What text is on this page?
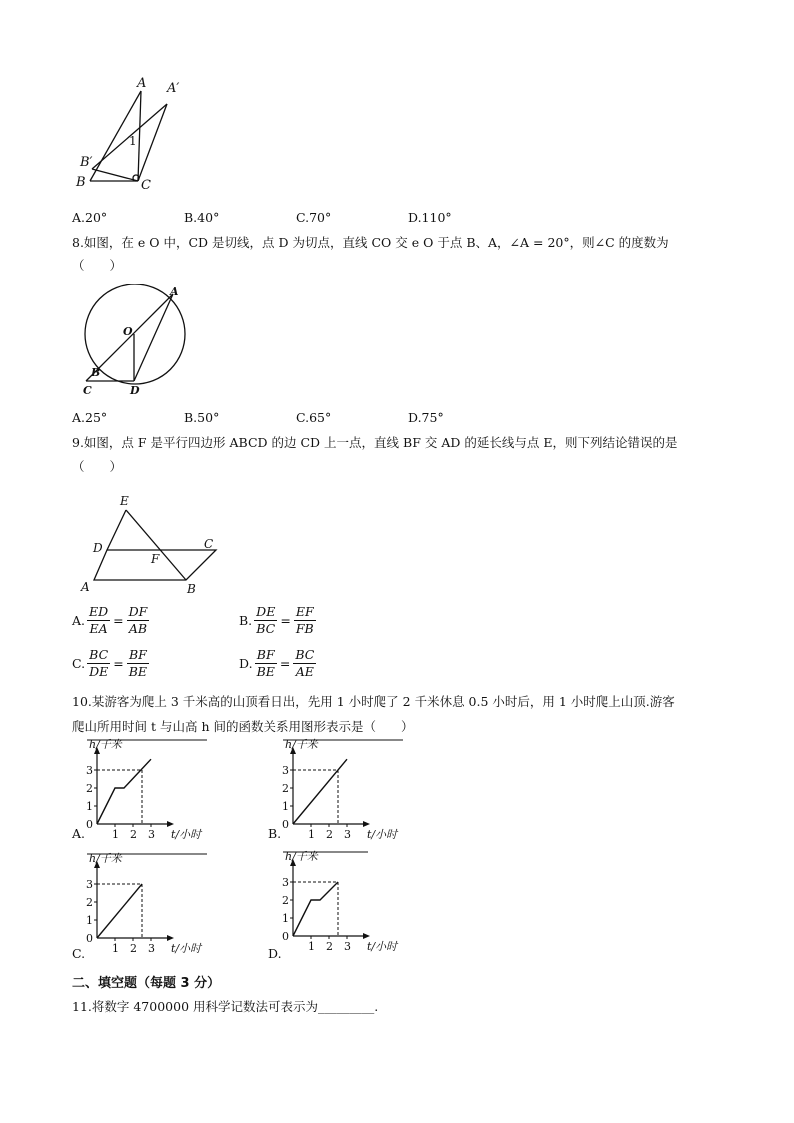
A A′
B′
B	C
1
A.20°	B.40°	C.70°	D.110°
8.如图，在 e O 中，CD 是切线，点 D 为切点，直线 CO 交 e O 于点 B、A，∠A = 20°，则∠C 的度数为
（　　）
A
O
B
C	D
A.25°	B.50°	C.65°	D.75°
9.如图，点 F 是平行四边形 ABCD 的边 CD 上一点，直线 BF 交 AD 的延长线与点 E，则下列结论错误的是
（　　）
E
D	C
F
A	B
A. $\frac{ED}{EA} = \frac{DF}{AB}$	B. $\frac{DE}{BC} = \frac{EF}{FB}$
C. $\frac{BC}{DE} = \frac{BF}{BE}$	D. $\frac{BF}{BE} = \frac{BC}{AE}$
10.某游客为爬上 3 千米高的山顶看日出，先用 1 小时爬了 2 千米休息 0.5 小时后，用 1 小时爬上山顶.游客
爬山所用时间 t 与山高 h 间的函数关系用图形表示是（　　）
0
1
2
3
1 2 3
h/千米
t/小时
A.
0
1
2
3
1 2 3
h/千米
t/小时
B.
0
1
2
3
1 2 3
h/千米
t/小时
C.
0
1
2
3
1 2 3
h/千米
t/小时
D.
二、填空题（每题 3 分）
11.将数字 4700000 用科学记数法可表示为_________.
